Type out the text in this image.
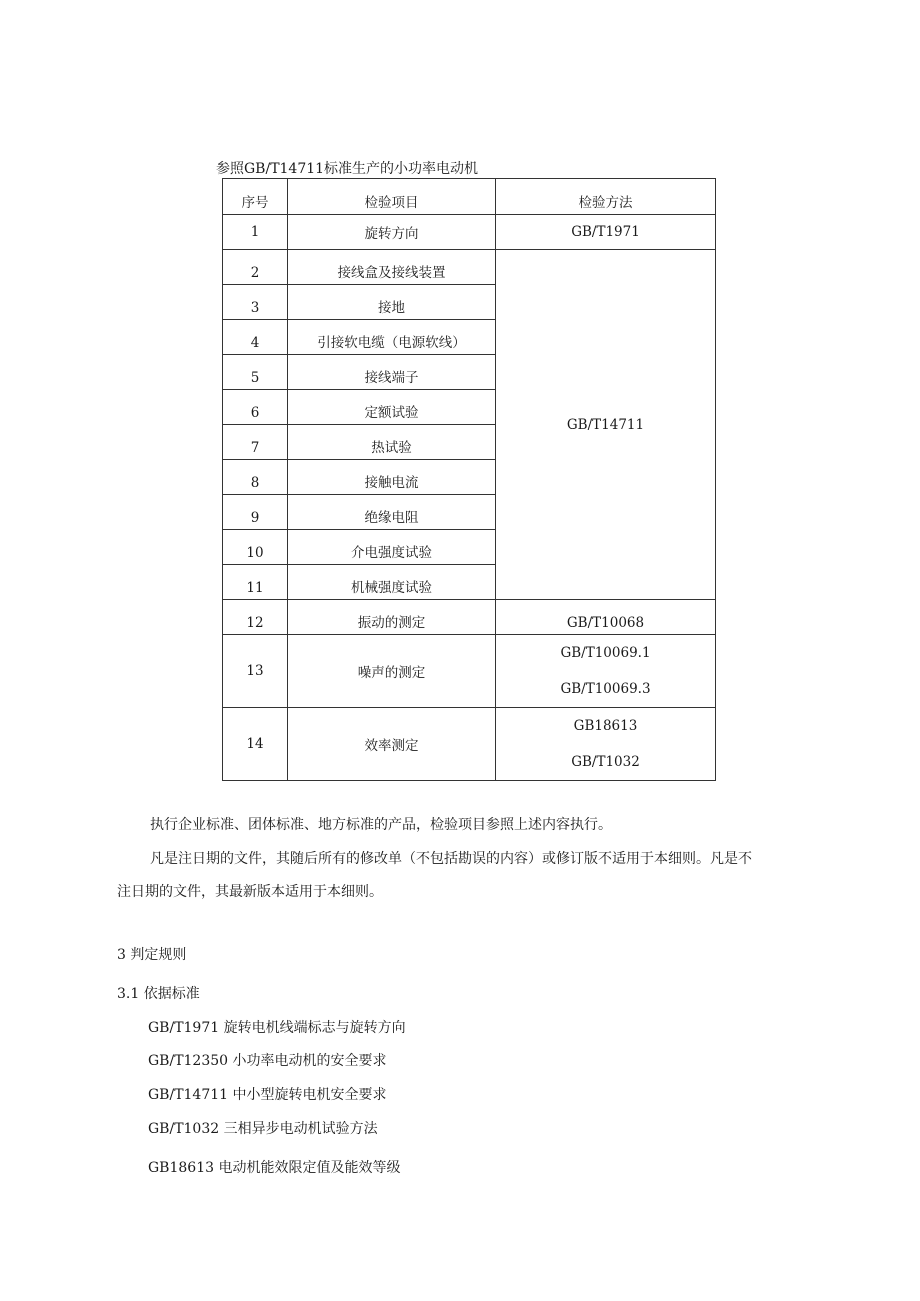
参照GB/T14711标准生产的小功率电动机
序号	检验项目	检验方法
1	旋转方向	GB/T1971
2	接线盒及接线装置	GB/T14711
3	接地	
4	引接软电缆（电源软线）	
5	接线端子	
6	定额试验	
7	热试验	
8	接触电流	
9	绝缘电阻	
10	介电强度试验	
11	机械强度试验	
12	振动的测定	GB/T10068
13	噪声的测定	GB/T10069.1
GB/T10069.3

14	效率测定	GB18613
GB/T1032
执行企业标准、团体标准、地方标准的产品，检验项目参照上述内容执行。
凡是注日期的文件，其随后所有的修改单（不包括勘误的内容）或修订版不适用于本细则。凡是不
注日期的文件，其最新版本适用于本细则。
3 判定规则
3.1 依据标准
GB/T1971 旋转电机线端标志与旋转方向
GB/T12350 小功率电动机的安全要求
GB/T14711 中小型旋转电机安全要求
GB/T1032 三相异步电动机试验方法
GB18613 电动机能效限定值及能效等级
